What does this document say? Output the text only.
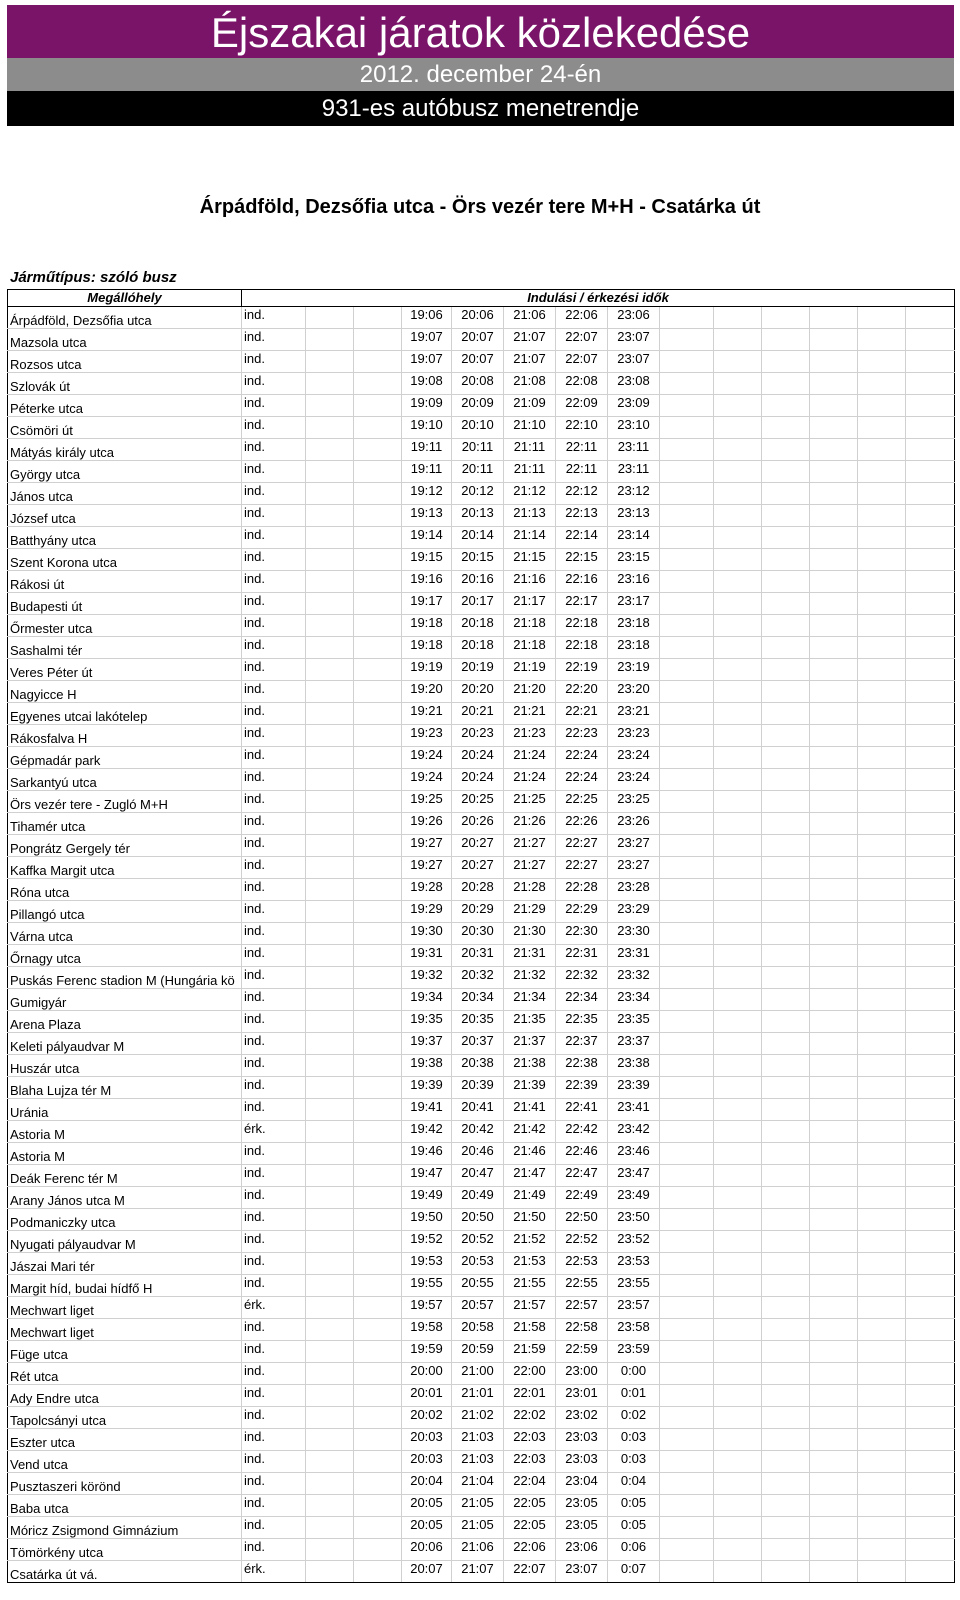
Éjszakai járatok közlekedése
2012. december 24-én
931-es autóbusz menetrendje
Árpádföld, Dezsőfia utca - Örs vezér tere M+H - Csatárka út
Járműtípus: szóló busz
Megállóhely	Indulási / érkezési idők													
Árpádföld, Dezsőfia utca	ind.			19:06	20:06	21:06	22:06	23:06						
Mazsola utca	ind.			19:07	20:07	21:07	22:07	23:07						
Rozsos utca	ind.			19:07	20:07	21:07	22:07	23:07						
Szlovák út	ind.			19:08	20:08	21:08	22:08	23:08						
Péterke utca	ind.			19:09	20:09	21:09	22:09	23:09						
Csömöri út	ind.			19:10	20:10	21:10	22:10	23:10						
Mátyás király utca	ind.			19:11	20:11	21:11	22:11	23:11						
György utca	ind.			19:11	20:11	21:11	22:11	23:11						
János utca	ind.			19:12	20:12	21:12	22:12	23:12						
József utca	ind.			19:13	20:13	21:13	22:13	23:13						
Batthyány utca	ind.			19:14	20:14	21:14	22:14	23:14						
Szent Korona utca	ind.			19:15	20:15	21:15	22:15	23:15						
Rákosi út	ind.			19:16	20:16	21:16	22:16	23:16						
Budapesti út	ind.			19:17	20:17	21:17	22:17	23:17						
Őrmester utca	ind.			19:18	20:18	21:18	22:18	23:18						
Sashalmi tér	ind.			19:18	20:18	21:18	22:18	23:18						
Veres Péter út	ind.			19:19	20:19	21:19	22:19	23:19						
Nagyicce H	ind.			19:20	20:20	21:20	22:20	23:20						
Egyenes utcai lakótelep	ind.			19:21	20:21	21:21	22:21	23:21						
Rákosfalva H	ind.			19:23	20:23	21:23	22:23	23:23						
Gépmadár park	ind.			19:24	20:24	21:24	22:24	23:24						
Sarkantyú utca	ind.			19:24	20:24	21:24	22:24	23:24						
Örs vezér tere - Zugló M+H	ind.			19:25	20:25	21:25	22:25	23:25						
Tihamér utca	ind.			19:26	20:26	21:26	22:26	23:26						
Pongrátz Gergely tér	ind.			19:27	20:27	21:27	22:27	23:27						
Kaffka Margit utca	ind.			19:27	20:27	21:27	22:27	23:27						
Róna utca	ind.			19:28	20:28	21:28	22:28	23:28						
Pillangó utca	ind.			19:29	20:29	21:29	22:29	23:29						
Várna utca	ind.			19:30	20:30	21:30	22:30	23:30						
Őrnagy utca	ind.			19:31	20:31	21:31	22:31	23:31						
Puskás Ferenc stadion M (Hungária kö	ind.			19:32	20:32	21:32	22:32	23:32						
Gumigyár	ind.			19:34	20:34	21:34	22:34	23:34						
Arena Plaza	ind.			19:35	20:35	21:35	22:35	23:35						
Keleti pályaudvar M	ind.			19:37	20:37	21:37	22:37	23:37						
Huszár utca	ind.			19:38	20:38	21:38	22:38	23:38						
Blaha Lujza tér M	ind.			19:39	20:39	21:39	22:39	23:39						
Uránia	ind.			19:41	20:41	21:41	22:41	23:41						
Astoria M	érk.			19:42	20:42	21:42	22:42	23:42						
Astoria M	ind.			19:46	20:46	21:46	22:46	23:46						
Deák Ferenc tér M	ind.			19:47	20:47	21:47	22:47	23:47						
Arany János utca M	ind.			19:49	20:49	21:49	22:49	23:49						
Podmaniczky utca	ind.			19:50	20:50	21:50	22:50	23:50						
Nyugati pályaudvar M	ind.			19:52	20:52	21:52	22:52	23:52						
Jászai Mari tér	ind.			19:53	20:53	21:53	22:53	23:53						
Margit híd, budai hídfő H	ind.			19:55	20:55	21:55	22:55	23:55						
Mechwart liget	érk.			19:57	20:57	21:57	22:57	23:57						
Mechwart liget	ind.			19:58	20:58	21:58	22:58	23:58						
Füge utca	ind.			19:59	20:59	21:59	22:59	23:59						
Rét utca	ind.			20:00	21:00	22:00	23:00	0:00						
Ady Endre utca	ind.			20:01	21:01	22:01	23:01	0:01						
Tapolcsányi utca	ind.			20:02	21:02	22:02	23:02	0:02						
Eszter utca	ind.			20:03	21:03	22:03	23:03	0:03						
Vend utca	ind.			20:03	21:03	22:03	23:03	0:03						
Pusztaszeri körönd	ind.			20:04	21:04	22:04	23:04	0:04						
Baba utca	ind.			20:05	21:05	22:05	23:05	0:05						
Móricz Zsigmond Gimnázium	ind.			20:05	21:05	22:05	23:05	0:05						
Tömörkény utca	ind.			20:06	21:06	22:06	23:06	0:06						
Csatárka út vá.	érk.			20:07	21:07	22:07	23:07	0:07						
